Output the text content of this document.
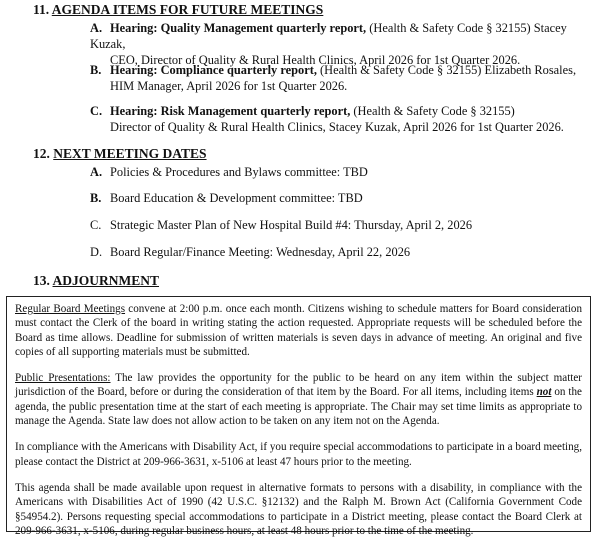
11. AGENDA ITEMS FOR FUTURE MEETINGS
A. Hearing: Quality Management quarterly report, (Health & Safety Code § 32155) Stacey Kuzak,
CEO, Director of Quality & Rural Health Clinics, April 2026 for 1st Quarter 2026.
B. Hearing: Compliance quarterly report, (Health & Safety Code § 32155) Elizabeth Rosales,
HIM Manager, April 2026 for 1st Quarter 2026.
C. Hearing: Risk Management quarterly report, (Health & Safety Code § 32155)
Director of Quality & Rural Health Clinics, Stacey Kuzak, April 2026 for 1st Quarter 2026.
12. NEXT MEETING DATES
A. Policies & Procedures and Bylaws committee: TBD
B. Board Education & Development committee: TBD
C. Strategic Master Plan of New Hospital Build #4: Thursday, April 2, 2026
D. Board Regular/Finance Meeting: Wednesday, April 22, 2026
13. ADJOURNMENT

Regular Board Meetings convene at 2:00 p.m. once each month. Citizens wishing to schedule matters for Board consideration must contact the Clerk of the board in writing stating the action requested. Appropriate requests will be scheduled before the Board as time allows. Deadline for submission of written materials is seven days in advance of meeting. An original and five copies of all supporting materials must be submitted.

Public Presentations: The law provides the opportunity for the public to be heard on any item within the subject matter jurisdiction of the Board, before or during the consideration of that item by the Board. For all items, including items not on the agenda, the public presentation time at the start of each meeting is appropriate. The Chair may set time limits as appropriate to manage the Agenda. State law does not allow action to be taken on any item not on the Agenda.

In compliance with the Americans with Disability Act, if you require special accommodations to participate in a board meeting, please contact the District at 209-966-3631, x-5106 at least 47 hours prior to the meeting.

This agenda shall be made available upon request in alternative formats to persons with a disability, in compliance with the Americans with Disabilities Act of 1990 (42 U.S.C. §12132) and the Ralph M. Brown Act (California Government Code §54954.2). Persons requesting special accommodations to participate in a District meeting, please contact the Board Clerk at 209-966-3631, x-5106, during regular business hours, at least 48 hours prior to the time of the meeting.
